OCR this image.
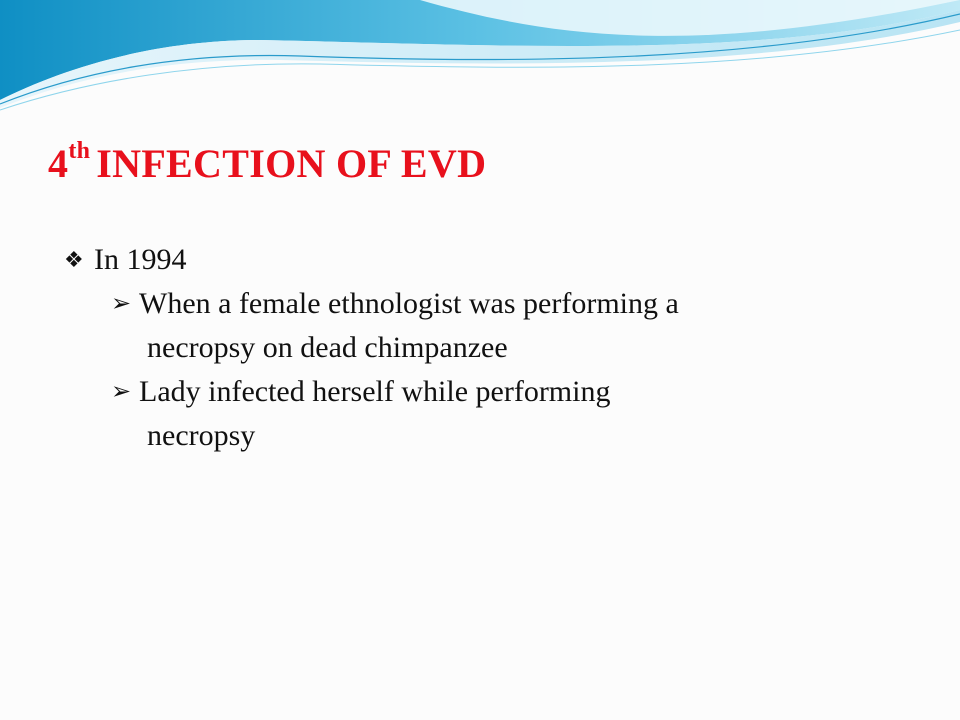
4th INFECTION OF EVD
❖ In 1994
➢ When a female ethnologist was performing a
necropsy on dead chimpanzee
➢ Lady infected herself while performing
necropsy
